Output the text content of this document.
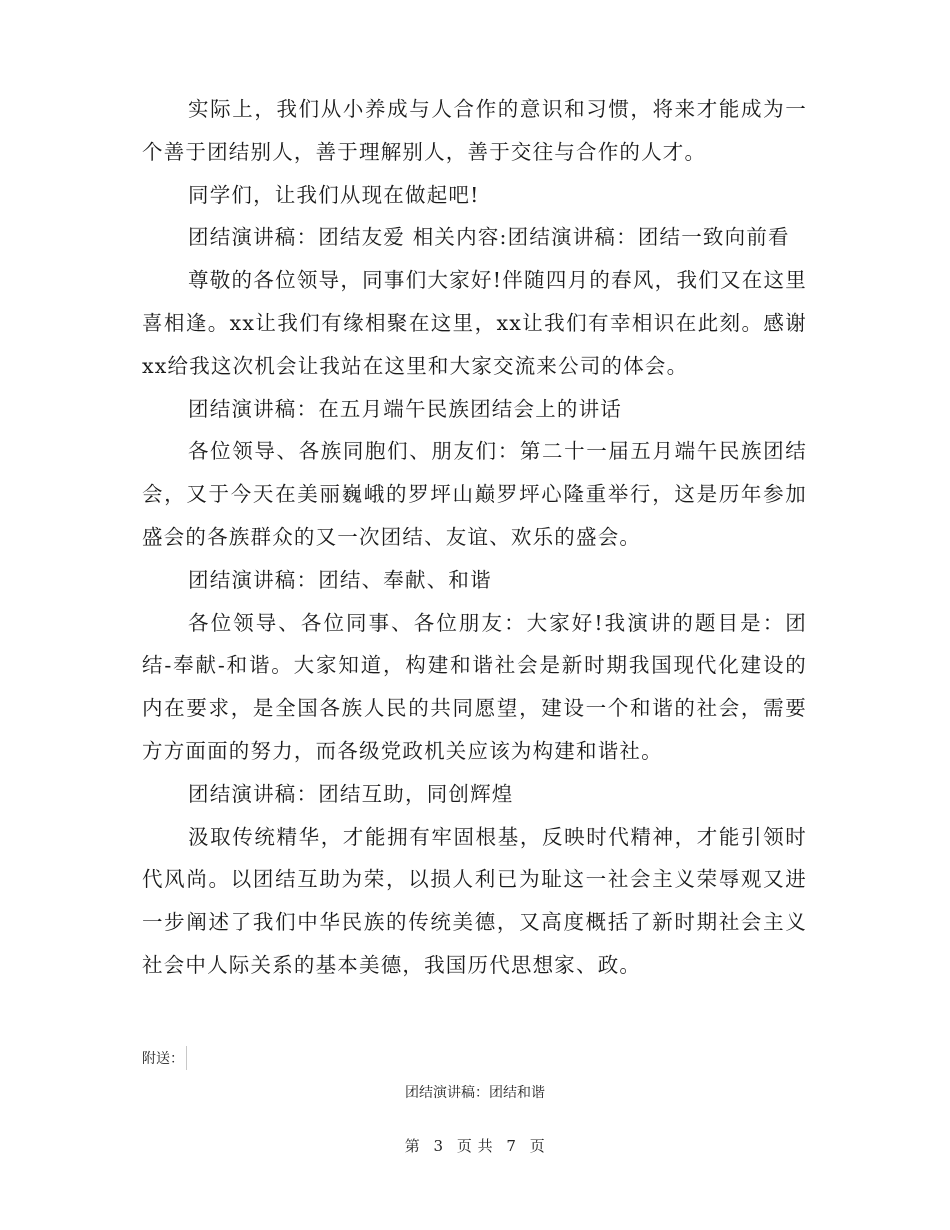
实际上，我们从小养成与人合作的意识和习惯，将来才能成为一个善于团结别人，善于理解别人，善于交往与合作的人才。

同学们，让我们从现在做起吧!

团结演讲稿：团结友爱 相关内容:团结演讲稿：团结一致向前看

尊敬的各位领导，同事们大家好!伴随四月的春风，我们又在这里喜相逢。xx让我们有缘相聚在这里，xx让我们有幸相识在此刻。感谢xx给我这次机会让我站在这里和大家交流来公司的体会。

团结演讲稿：在五月端午民族团结会上的讲话

各位领导、各族同胞们、朋友们：第二十一届五月端午民族团结会，又于今天在美丽巍峨的罗坪山巅罗坪心隆重举行，这是历年参加盛会的各族群众的又一次团结、友谊、欢乐的盛会。

团结演讲稿：团结、奉献、和谐

各位领导、各位同事、各位朋友：大家好!我演讲的题目是：团结-奉献-和谐。大家知道，构建和谐社会是新时期我国现代化建设的内在要求，是全国各族人民的共同愿望，建设一个和谐的社会，需要方方面面的努力，而各级党政机关应该为构建和谐社。

团结演讲稿：团结互助，同创辉煌

汲取传统精华，才能拥有牢固根基，反映时代精神，才能引领时代风尚。以团结互助为荣，以损人利已为耻这一社会主义荣辱观又进一步阐述了我们中华民族的传统美德，又高度概括了新时期社会主义社会中人际关系的基本美德，我国历代思想家、政。

附送：
团结演讲稿：团结和谐
第 3 页 共 7 页
